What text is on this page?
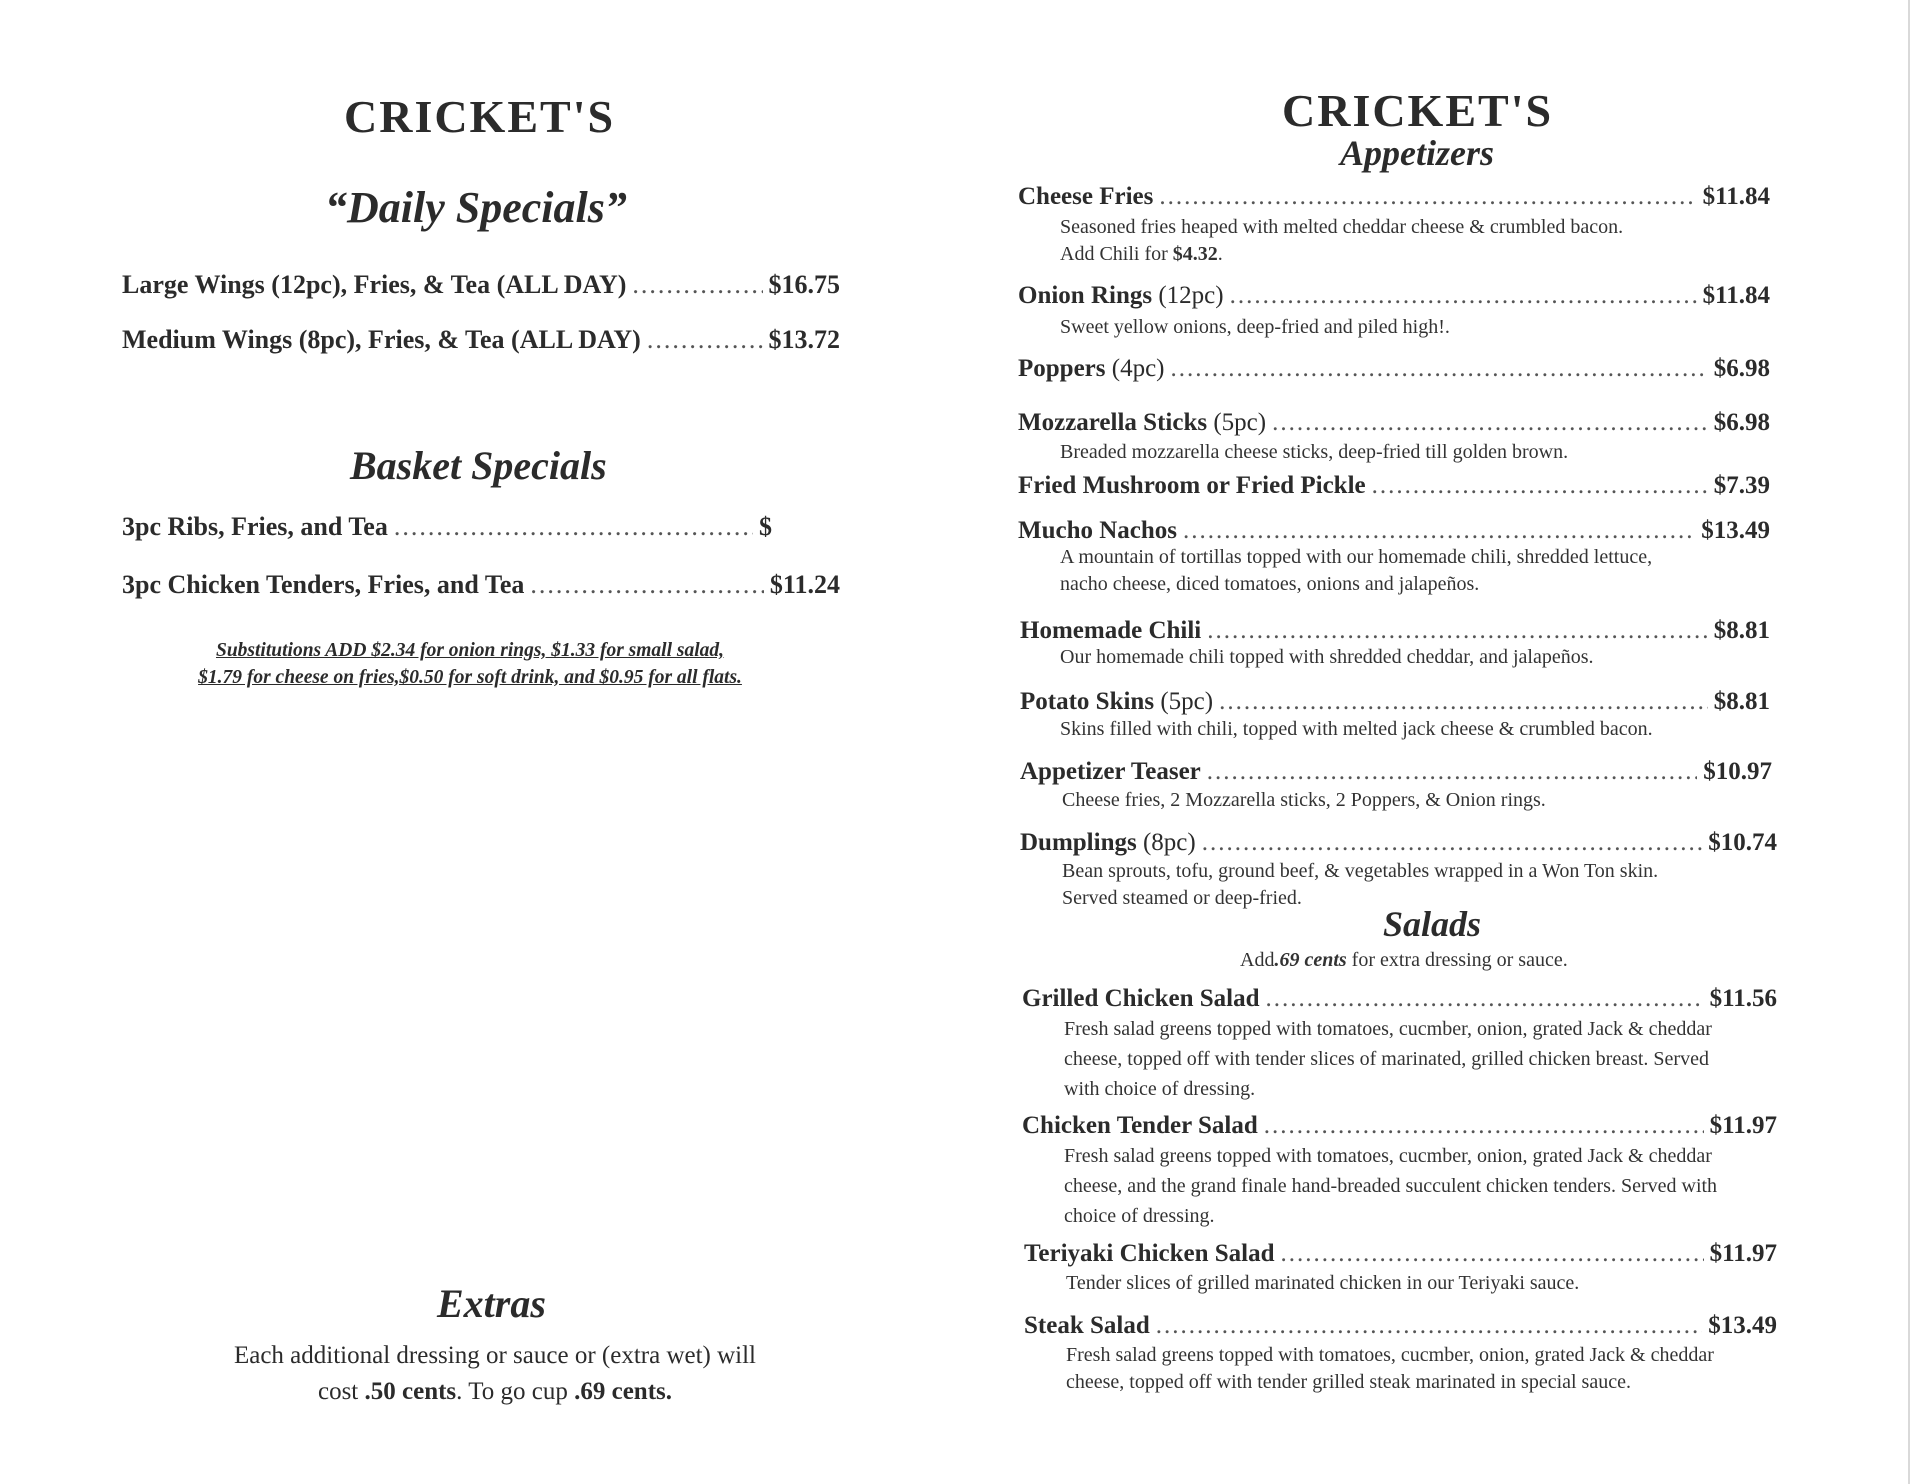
CRICKET'S
“Daily Specials”
Large Wings (12pc), Fries, & Tea (ALL DAY) .....	$16.75
Medium Wings (8pc), Fries, & Tea (ALL DAY) .....	$13.72
Basket Specials
3pc Ribs, Fries, and Tea .....	$
3pc Chicken Tenders, Fries, and Tea .....	$11.24
Substitutions ADD $2.34 for onion rings, $1.33 for small salad,
$1.79 for cheese on fries,$0.50 for soft drink, and $0.95 for all flats.
Extras
Each additional dressing or sauce or (extra wet) will
cost .50 cents. To go cup .69 cents.
CRICKET'S
Appetizers
Cheese Fries .....	$11.84
Seasoned fries heaped with melted cheddar cheese & crumbled bacon.
Add Chili for $4.32.
Onion Rings (12pc) .....	$11.84
Sweet yellow onions, deep-fried and piled high!.
Poppers (4pc) .....	$6.98
Mozzarella Sticks (5pc) .....	$6.98
Breaded mozzarella cheese sticks, deep-fried till golden brown.
Fried Mushroom or Fried Pickle .....	$7.39
Mucho Nachos .....	$13.49
A mountain of tortillas topped with our homemade chili, shredded lettuce,
nacho cheese, diced tomatoes, onions and jalapeños.
Homemade Chili .....	$8.81
Our homemade chili topped with shredded cheddar, and jalapeños.
Potato Skins (5pc) .....	$8.81
Skins filled with chili, topped with melted jack cheese & crumbled bacon.
Appetizer Teaser .....	$10.97
Cheese fries, 2 Mozzarella sticks, 2 Poppers, & Onion rings.
Dumplings (8pc) .....	$10.74
Bean sprouts, tofu, ground beef, & vegetables wrapped in a Won Ton skin.
Served steamed or deep-fried.
Salads
Add.69 cents for extra dressing or sauce.
Grilled Chicken Salad .....	$11.56
Fresh salad greens topped with tomatoes, cucmber, onion, grated Jack & cheddar
cheese, topped off with tender slices of marinated, grilled chicken breast. Served
with choice of dressing.
Chicken Tender Salad .....	$11.97
Fresh salad greens topped with tomatoes, cucmber, onion, grated Jack & cheddar
cheese, and the grand finale hand-breaded succulent chicken tenders. Served with
choice of dressing.
Teriyaki Chicken Salad .....	$11.97
Tender slices of grilled marinated chicken in our Teriyaki sauce.
Steak Salad .....	$13.49
Fresh salad greens topped with tomatoes, cucmber, onion, grated Jack & cheddar
cheese, topped off with tender grilled steak marinated in special sauce.
